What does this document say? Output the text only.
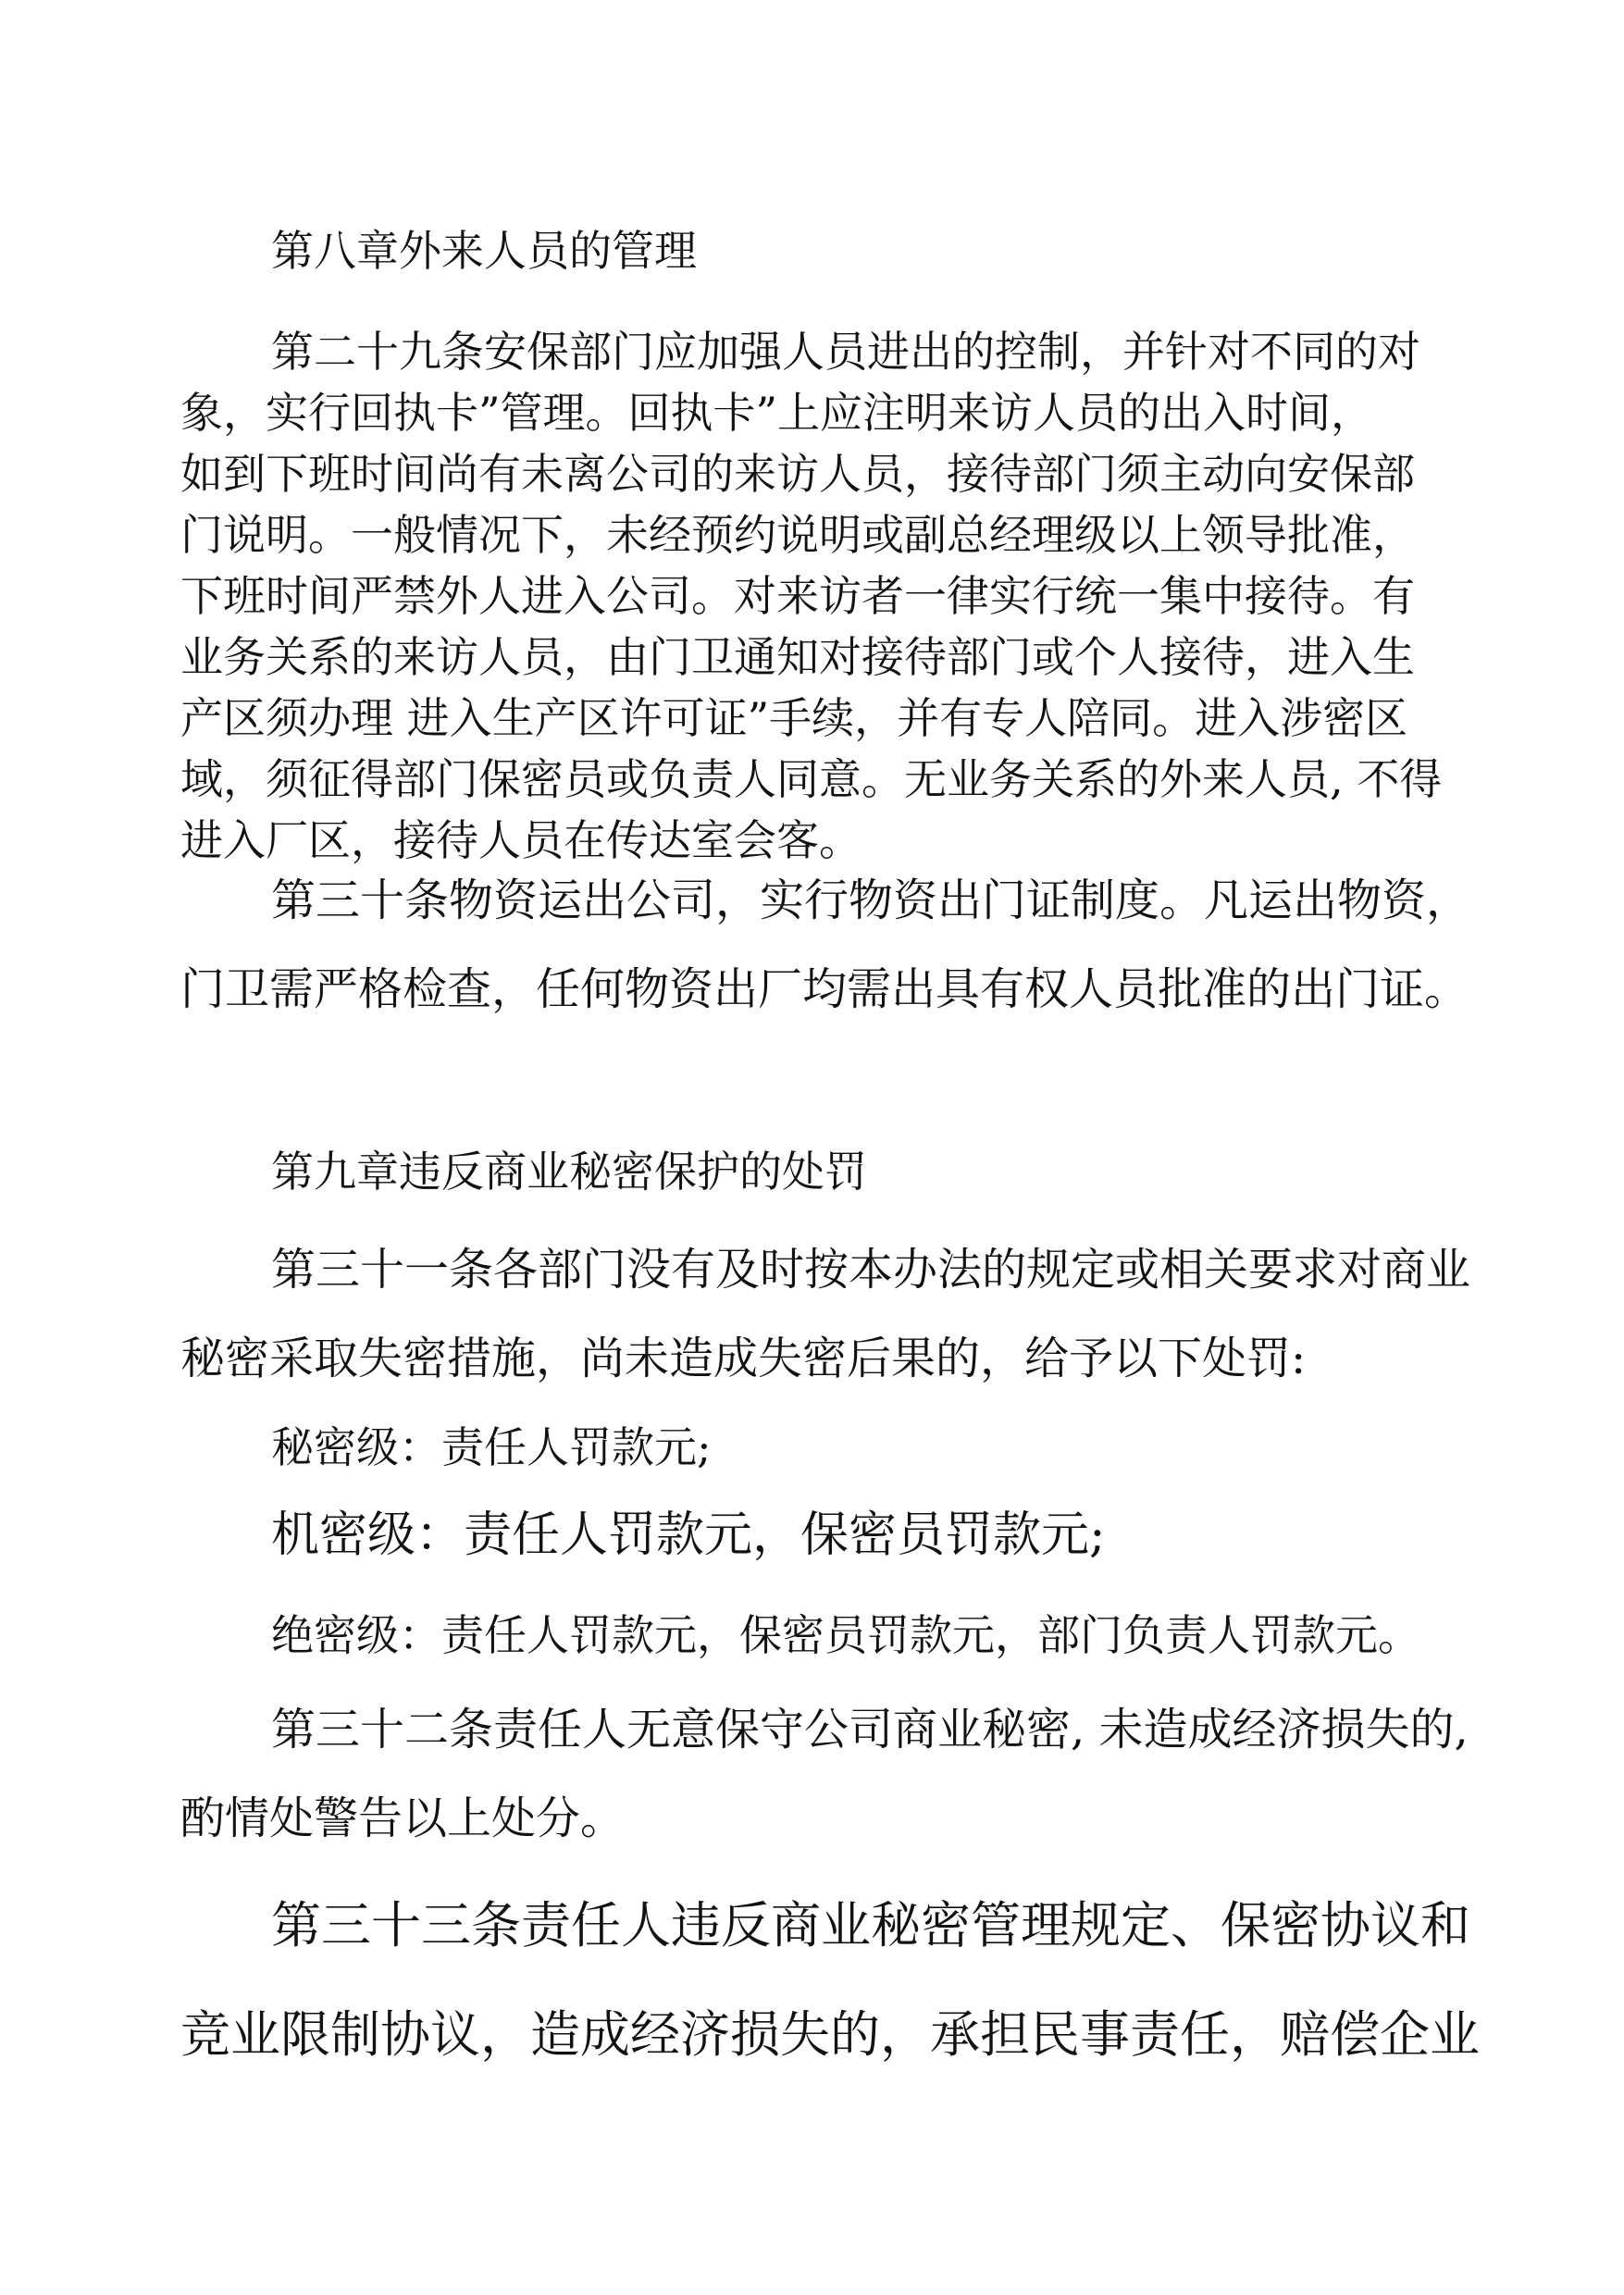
第八章外来人员的管理

第二十九条安保部门应加强人员进出的控制，并针对不同的对
象，实行回执卡”管理。回执卡”上应注明来访人员的出入时间，
如到下班时间尚有未离公司的来访人员，接待部门须主动向安保部
门说明。一般情况下，未经预约说明或副总经理级以上领导批准，
下班时间严禁外人进入公司。对来访者一律实行统一集中接待。有
业务关系的来访人员，由门卫通知对接待部门或个人接待，进入生
产区须办理 进入生产区许可证”手续，并有专人陪同。进入涉密区
域，须征得部门保密员或负责人同意。无业务关系的外来人员, 不得
进入厂区，接待人员在传达室会客。
第三十条物资运出公司，实行物资出门证制度。凡运出物资，
门卫需严格检查，任何物资出厂均需出具有权人员批准的出门证。

第九章违反商业秘密保护的处罚

第三十一条各部门没有及时按本办法的规定或相关要求对商业
秘密采取失密措施，尚未造成失密后果的，给予以下处罚:

秘密级：责任人罚款元;

机密级：责任人罚款元，保密员罚款元;

绝密级：责任人罚款元，保密员罚款元，部门负责人罚款元。

第三十二条责任人无意保守公司商业秘密, 未造成经济损失的,
酌情处警告以上处分。
第三十三条责任人违反商业秘密管理规定、保密协议和
竞业限制协议，造成经济损失的，承担民事责任，赔偿企业
